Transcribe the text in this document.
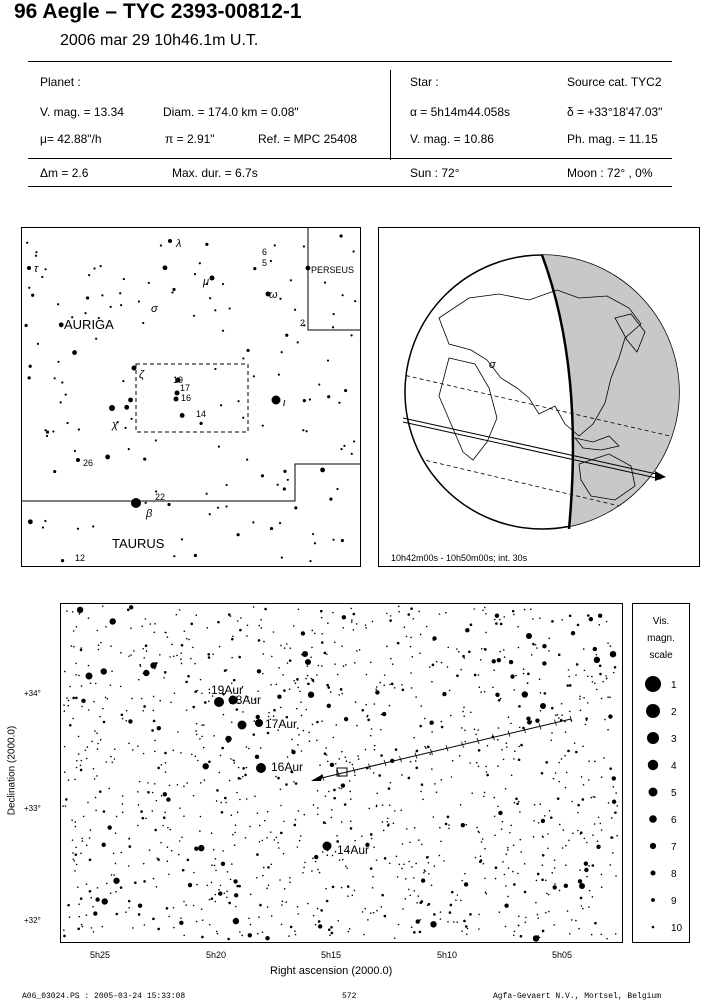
96 Aegle – TYC 2393-00812-1
2006 mar 29 10h46.1m U.T.
Planet :
V. mag. = 13.34	Diam. = 174.0 km = 0.08"
μ= 42.88"/h	π = 2.91"	Ref. = MPC 25408
Δm = 2.6	Max. dur. = 6.7s
Star :	Source cat. TYC2
α = 5h14m44.058s	δ = +33°18'47.03"
V. mag. = 10.86	Ph. mag. = 11.15
Sun : 72°	Moon : 72° , 0%
AURIGA
TAURUS
PERSEUS
λ
τ
6
5
μ
σ
ω
2
ζ	19
17
16
14
ι
χ
26
22
β
12
σ
10h42m00s - 10h50m00s; int. 30s
19Aur
18Aur
17Aur
16Aur
14Aur
+34°
+33°
+32°
Declination (2000.0)
5h25	5h20	5h15	5h10	5h05
Right ascension (2000.0)
Vis.
magn.
scale
1
2
3
4
5
6
7
8
9
10
A06_03024.PS : 2005-03-24 15:33:08	572	Agfa-Gevaert N.V., Mortsel, Belgium
